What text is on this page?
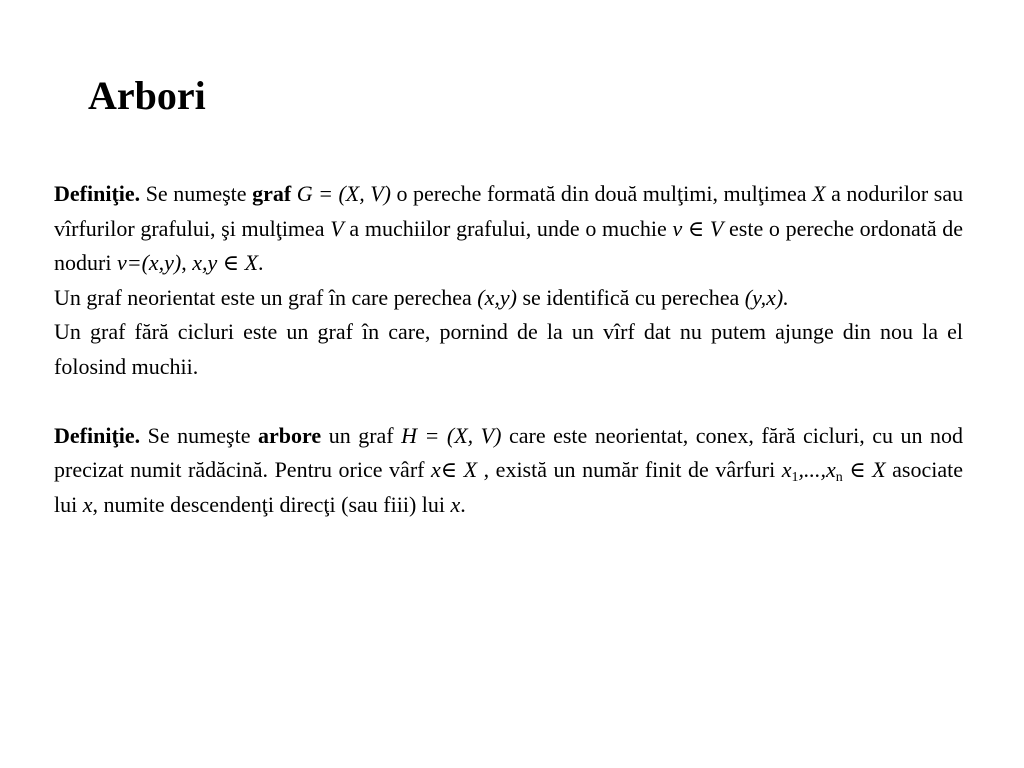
Arbori

Definiţie. Se numeşte graf G = (X, V) o pereche formată din două mulţimi, mulţimea X a nodurilor sau vîrfurilor grafului, şi mulţimea V a muchiilor grafului, unde o muchie v ∈ V este o pereche ordonată de noduri v=(x,y), x,y ∈ X.

Un graf neorientat este un graf în care perechea (x,y) se identifică cu perechea (y,x).

Un graf fără cicluri este un graf în care, pornind de la un vîrf dat nu putem ajunge din nou la el folosind muchii.

Definiţie. Se numeşte arbore un graf H = (X, V) care este neorientat, conex, fără cicluri, cu un nod precizat numit rădăcină. Pentru orice vârf x∈ X , există un număr finit de vârfuri $x_1,...,x_n$ ∈ X asociate lui x, numite descendenţi direcţi (sau fiii) lui x.
